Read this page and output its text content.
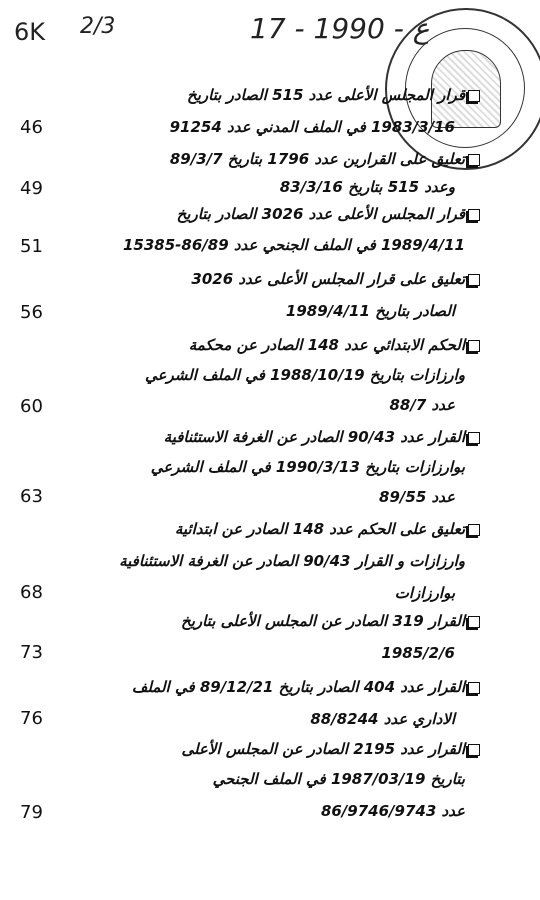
6K 2/3	17 - ع - 1990
قرار المجلس الأعلى عدد 515 الصادر بتاريخ
1983/3/16 في الملف المدني عدد 91254
46
تعليق على القرارين عدد 1796 بتاريخ 89/3/7
وعدد 515 بتاريخ 83/3/16
49
قرار المجلس الأعلى عدد 3026 الصادر بتاريخ
1989/4/11 في الملف الجنحي عدد 86/89-15385
51
تعليق على قرار المجلس الأعلى عدد 3026
الصادر بتاريخ 1989/4/11
56
الحكم الابتدائي عدد 148 الصادر عن محكمة
وارزازات بتاريخ 1988/10/19 في الملف الشرعي
عدد 88/7
60
القرار عدد 90/43 الصادر عن الغرفة الاستئنافية
بوارزازات بتاريخ 1990/3/13 في الملف الشرعي
عدد 89/55
63
تعليق على الحكم عدد 148 الصادر عن ابتدائية
وارزازات و القرار 90/43 الصادر عن الغرفة الاستئنافية
بوارزازات
68
القرار 319 الصادر عن المجلس الأعلى بتاريخ
1985/2/6
73
القرار عدد 404 الصادر بتاريخ 89/12/21 في الملف
الاداري عدد 88/8244
76
القرار عدد 2195 الصادر عن المجلس الأعلى
بتاريخ 1987/03/19 في الملف الجنحي
عدد 86/9746/9743
79
